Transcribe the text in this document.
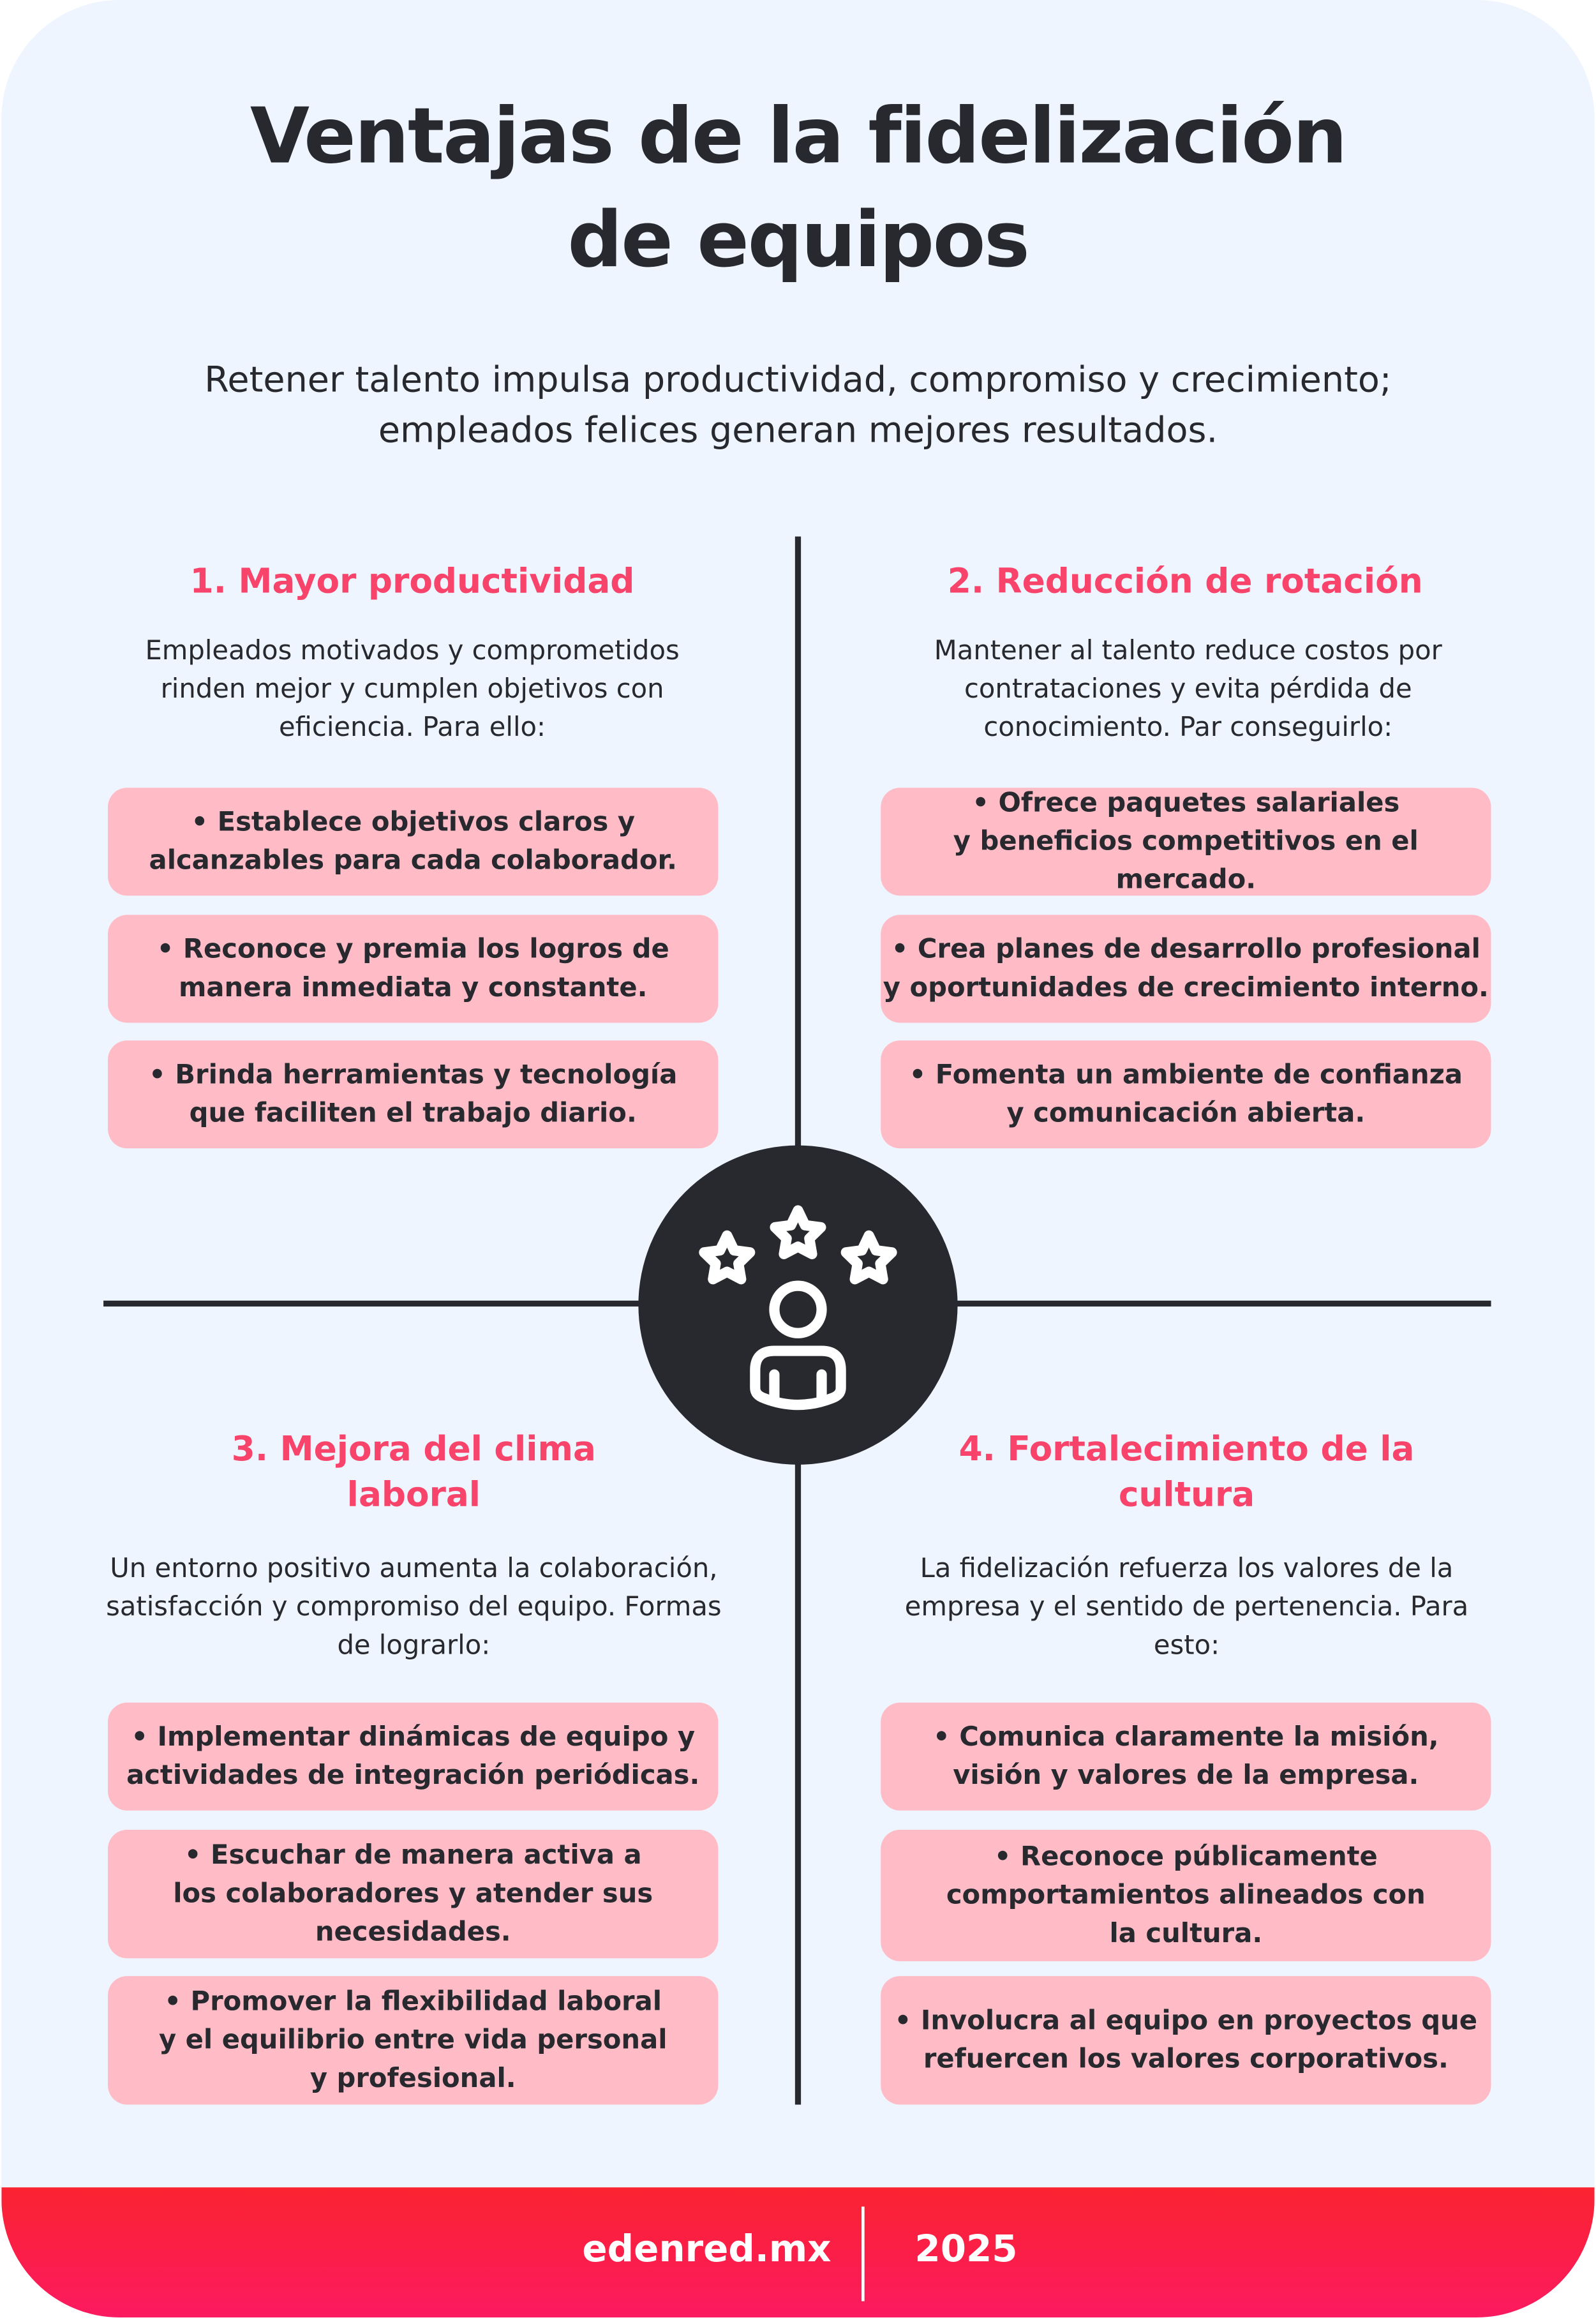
Ventajas de la fidelización
de equipos
Retener talento impulsa productividad, compromiso y crecimiento;
empleados felices generan mejores resultados.
1. Mayor productividad
Empleados motivados y comprometidos rinden mejor y cumplen objetivos con eficiencia. Para ello:
• Establece objetivos claros y
alcanzables para cada colaborador.
• Reconoce y premia los logros de
manera inmediata y constante.
• Brinda herramientas y tecnología
que faciliten el trabajo diario.
2. Reducción de rotación
Mantener al talento reduce costos por contrataciones y evita pérdida de conocimiento. Par conseguirlo:
• Ofrece paquetes salariales
y beneficios competitivos en el mercado.
• Crea planes de desarrollo profesional
y oportunidades de crecimiento interno.
• Fomenta un ambiente de confianza
y comunicación abierta.
3. Mejora del clima laboral
Un entorno positivo aumenta la colaboración, satisfacción y compromiso del equipo. Formas de lograrlo:
• Implementar dinámicas de equipo y
actividades de integración periódicas.
• Escuchar de manera activa a
los colaboradores y atender sus
necesidades.
• Promover la flexibilidad laboral
y el equilibrio entre vida personal
y profesional.
4. Fortalecimiento de la cultura
La fidelización refuerza los valores de la empresa y el sentido de pertenencia. Para esto:
• Comunica claramente la misión,
visión y valores de la empresa.
• Reconoce públicamente
comportamientos alineados con
la cultura.
• Involucra al equipo en proyectos que
refuercen los valores corporativos.
edenred.mx	2025
